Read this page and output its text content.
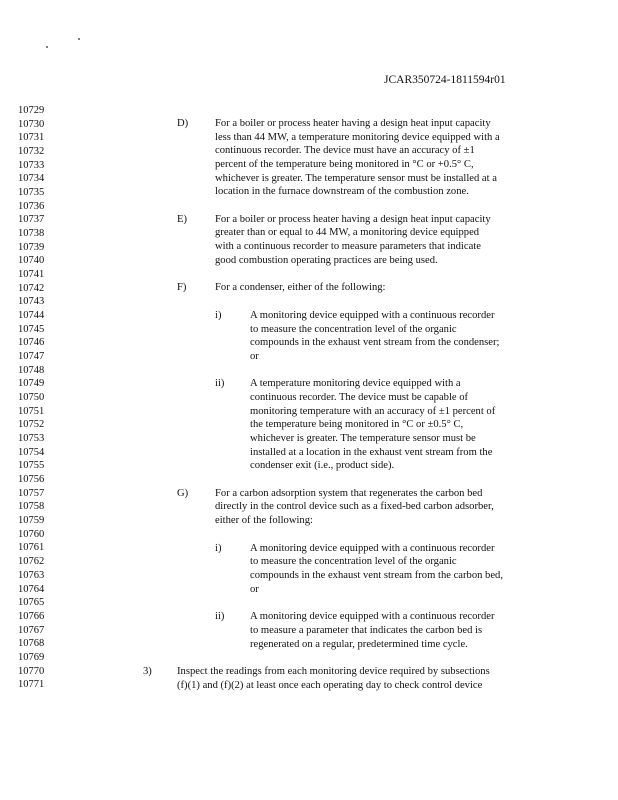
JCAR350724-1811594r01
10729
10730
10731
10732
10733
10734
10735
10736
10737
10738
10739
10740
10741
10742
10743
10744
10745
10746
10747
10748
10749
10750
10751
10752
10753
10754
10755
10756
10757
10758
10759
10760
10761
10762
10763
10764
10765
10766
10767
10768
10769
10770
10771
D)	For a boiler or process heater having a design heat input capacity
less than 44 MW, a temperature monitoring device equipped with a
continuous recorder. The device must have an accuracy of ±1
percent of the temperature being monitored in °C or +0.5° C,
whichever is greater. The temperature sensor must be installed at a
location in the furnace downstream of the combustion zone.
E)	For a boiler or process heater having a design heat input capacity
greater than or equal to 44 MW, a monitoring device equipped
with a continuous recorder to measure parameters that indicate
good combustion operating practices are being used.
F)	For a condenser, either of the following:
i)	A monitoring device equipped with a continuous recorder
to measure the concentration level of the organic
compounds in the exhaust vent stream from the condenser;
or
ii) A temperature monitoring device equipped with a
continuous recorder. The device must be capable of
monitoring temperature with an accuracy of ±1 percent of
the temperature being monitored in °C or ±0.5° C,
whichever is greater. The temperature sensor must be
installed at a location in the exhaust vent stream from the
condenser exit (i.e., product side).
G)	For a carbon adsorption system that regenerates the carbon bed
directly in the control device such as a fixed-bed carbon adsorber,
either of the following:
i)	A monitoring device equipped with a continuous recorder
to measure the concentration level of the organic
compounds in the exhaust vent stream from the carbon bed,
or
ii) A monitoring device equipped with a continuous recorder
to measure a parameter that indicates the carbon bed is
regenerated on a regular, predetermined time cycle.
3) Inspect the readings from each monitoring device required by subsections
(f)(1) and (f)(2) at least once each operating day to check control device
